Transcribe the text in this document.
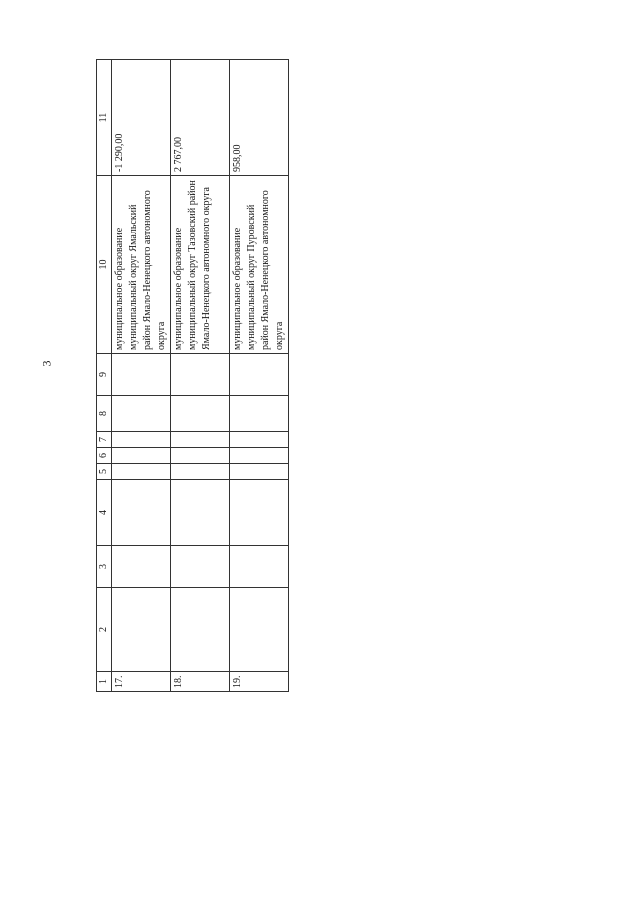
3
1	2	3	4	5	6	7	8	9	10	11
17.									муниципальное образование муниципальный округ Ямальский район Ямало-Ненецкого автономного округа	-1 290,00
18.									муниципальное образование муниципальный округ Тазовский район Ямало-Ненецкого автономного округа	2 767,00
19.									муниципальное образование муниципальный округ Пуровский район Ямало-Ненецкого автономного округа	958,00
